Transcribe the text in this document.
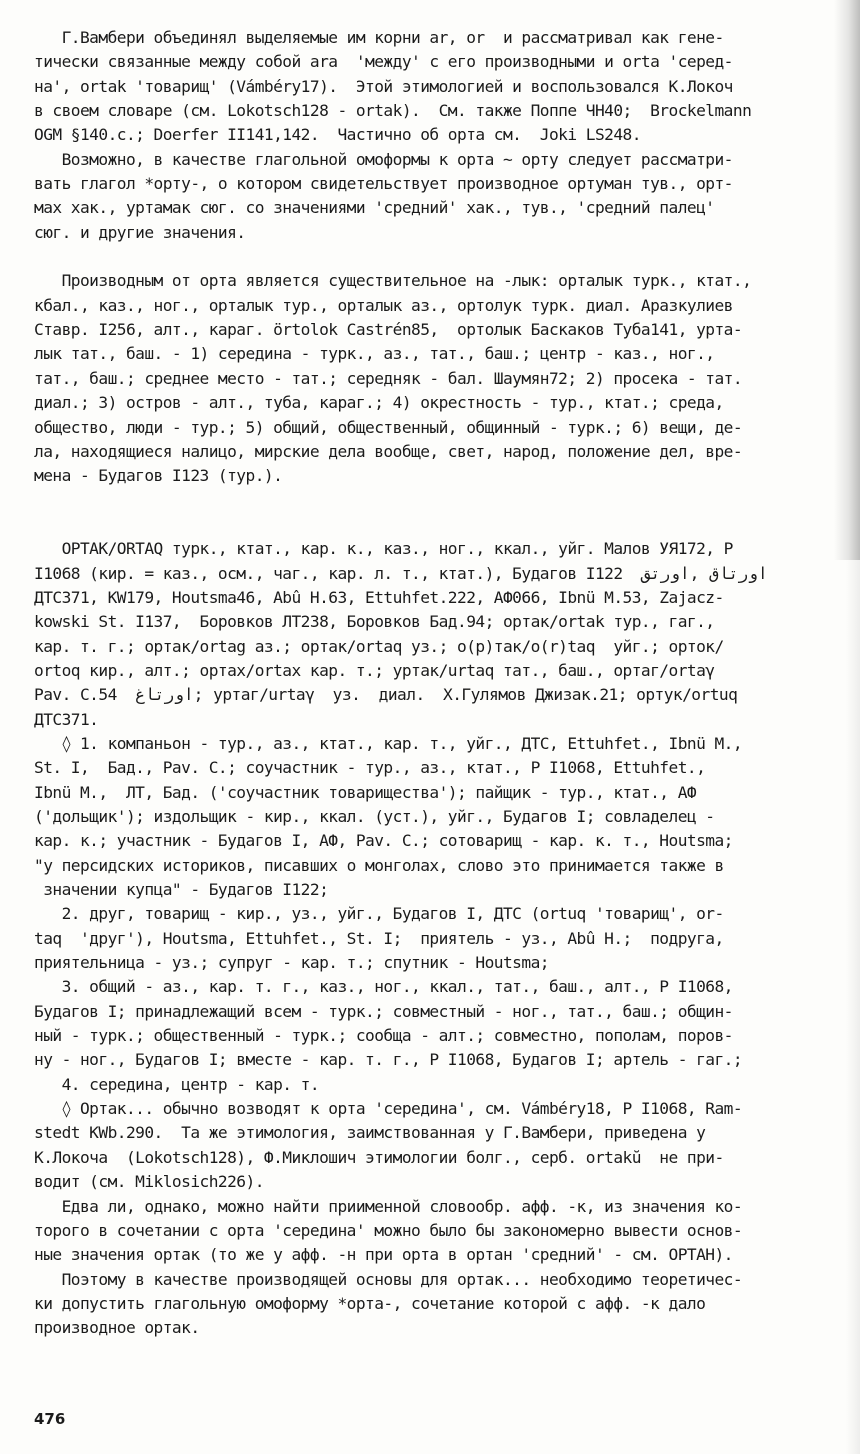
Г.Вамбери объединял выделяемые им корни ar, or  и рассматривал как гене-
тически связанные между собой ara  'между' с его производными и orta 'серед-
на', ortak 'товарищ' (Vámbéry17).  Этой этимологией и воспользовался К.Локоч
в своем словаре (см. Lokotsch128 - ortak).  См. также Поппе ЧН40;  Brockelmann
OGM §140.c.; Doerfer II141,142.  Частично об орта см.  Joki LS248.
Возможно, в качестве глагольной омоформы к орта ~ орту следует рассматри-
вать глагол *орту-, о котором свидетельствует производное ортуман тув., орт-
мах хак., уртамак сюг. со значениями 'средний' хак., тув., 'средний палец'
сюг. и другие значения.
Производным от орта является существительное на -лык: орталык турк., ктат.,
кбал., каз., ног., орталык тур., орталык аз., ортолук турк. диал. Аразкулиев
Ставр. I256, алт., караг. örtolok Castrén85,  ортолык Баскаков Туба141, урта-
лык тат., баш. - 1) середина - турк., аз., тат., баш.; центр - каз., ног.,
тат., баш.; среднее место - тат.; середняк - бал. Шаумян72; 2) просека - тат.
диал.; 3) остров - алт., туба, караг.; 4) окрестность - тур., ктат.; среда,
общество, люди - тур.; 5) общий, общественный, общинный - турк.; 6) вещи, де-
ла, находящиеся налицо, мирские дела вообще, свет, народ, положение дел, вре-
мена - Будагов I123 (тур.).
ОРТАК/ORTAQ турк., ктат., кар. к., каз., ног., ккал., уйг. Малов УЯ172, Р
I1068 (кир. = каз., осм., чаг., кар. л. т., ктат.), Будагов I122  اورتاق ,اورتق
ДТС371, KW179, Houtsma46, Abû H.63, Ettuhfet.222, АФ066, Ibnü M.53, Zajacz-
kowski St. I137,  Боровков ЛТ238, Боровков Бад.94; ортак/ortak тур., гаг.,
кар. т. г.; ортак/ortag аз.; ортак/ortaq уз.; о(р)так/о(r)taq  уйг.; орток/
ortoq кир., алт.; ортах/ortax кар. т.; уртак/urtaq тат., баш., ортаг/ortaγ
Pav. C.54  اورتاغ; уртаг/urtaγ  уз.  диал.  Х.Гулямов Джизак.21; ортук/ortuq
ДТС371.
◊ 1. компаньон - тур., аз., ктат., кар. т., уйг., ДТС, Ettuhfet., Ibnü M.,
St. I,  Бад., Pav. C.; соучастник - тур., аз., ктат., Р I1068, Ettuhfet.,
Ibnü M.,  ЛТ, Бад. ('соучастник товарищества'); пайщик - тур., ктат., АФ
('дольщик'); издольщик - кир., ккал. (уст.), уйг., Будагов I; совладелец -
кар. к.; участник - Будагов I, АФ, Pav. C.; сотоварищ - кар. к. т., Houtsma;
"у персидских историков, писавших о монголах, слово это принимается также в
значении купца" - Будагов I122;
2. друг, товарищ - кир., уз., уйг., Будагов I, ДТС (ortuq 'товарищ', or-
taq  'друг'), Houtsma, Ettuhfet., St. I;  приятель - уз., Abû H.;  подруга,
приятельница - уз.; супруг - кар. т.; спутник - Houtsma;
3. общий - аз., кар. т. г., каз., ног., ккал., тат., баш., алт., Р I1068,
Будагов I; принадлежащий всем - турк.; совместный - ног., тат., баш.; общин-
ный - турк.; общественный - турк.; сообща - алт.; совместно, пополам, поров-
ну - ног., Будагов I; вместе - кар. т. г., Р I1068, Будагов I; артель - гаг.;
4. середина, центр - кар. т.
◊ Ортак... обычно возводят к орта 'середина', см. Vámbéry18, Р I1068, Ram-
stedt KWb.290.  Та же этимология, заимствованная у Г.Вамбери, приведена у
К.Локоча  (Lokotsch128), Ф.Миклошич этимологии болг., серб. ortakŭ  не при-
водит (см. Miklosich226).
Едва ли, однако, можно найти приименной словообр. афф. -к, из значения ко-
торого в сочетании с орта 'середина' можно было бы закономерно вывести основ-
ные значения ортак (то же у афф. -н при орта в ортан 'средний' - см. ОРТАН).
Поэтому в качестве производящей основы для ортак... необходимо теоретичес-
ки допустить глагольную омоформу *орта-, сочетание которой с афф. -к дало
производное ортак.
476
